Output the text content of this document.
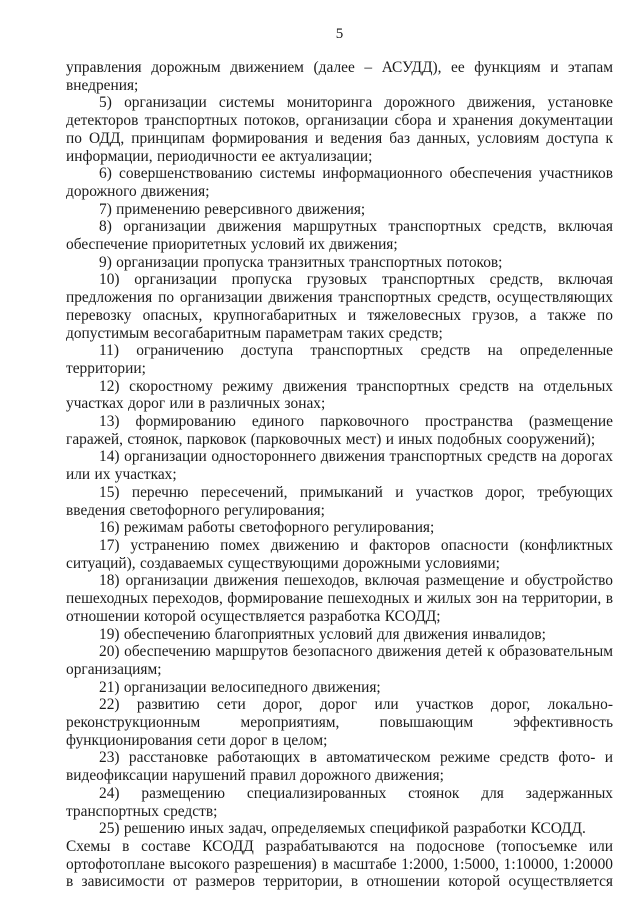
5

управления дорожным движением (далее – АСУДД), ее функциям и этапам внедрения;

5) организации системы мониторинга дорожного движения, установке детекторов транспортных потоков, организации сбора и хранения документации по ОДД, принципам формирования и ведения баз данных, условиям доступа к информации, периодичности ее актуализации;

6) совершенствованию системы информационного обеспечения участников дорожного движения;

7) применению реверсивного движения;

8) организации движения маршрутных транспортных средств, включая обеспечение приоритетных условий их движения;

9) организации пропуска транзитных транспортных потоков;

10) организации пропуска грузовых транспортных средств, включая предложения по организации движения транспортных средств, осуществляющих перевозку опасных, крупногабаритных и тяжеловесных грузов, а также по допустимым весогабаритным параметрам таких средств;

11) ограничению доступа транспортных средств на определенные территории;

12) скоростному режиму движения транспортных средств на отдельных участках дорог или в различных зонах;

13) формированию единого парковочного пространства (размещение гаражей, стоянок, парковок (парковочных мест) и иных подобных сооружений);

14) организации одностороннего движения транспортных средств на дорогах или их участках;

15) перечню пересечений, примыканий и участков дорог, требующих введения светофорного регулирования;

16) режимам работы светофорного регулирования;

17) устранению помех движению и факторов опасности (конфликтных ситуаций), создаваемых существующими дорожными условиями;

18) организации движения пешеходов, включая размещение и обустройство пешеходных переходов, формирование пешеходных и жилых зон на территории, в отношении которой осуществляется разработка КСОДД;

19) обеспечению благоприятных условий для движения инвалидов;

20) обеспечению маршрутов безопасного движения детей к образовательным организациям;

21) организации велосипедного движения;

22) развитию сети дорог, дорог или участков дорог, локально-реконструкционным мероприятиям, повышающим эффективность функционирования сети дорог в целом;

23) расстановке работающих в автоматическом режиме средств фото- и видеофиксации нарушений правил дорожного движения;

24) размещению специализированных стоянок для задержанных транспортных средств;

25) решению иных задач, определяемых спецификой разработки КСОДД.

Схемы в составе КСОДД разрабатываются на подоснове (топосъемке или ортофотоплане высокого разрешения) в масштабе 1:2000, 1:5000, 1:10000, 1:20000 в зависимости от размеров территории, в отношении которой осуществляется
